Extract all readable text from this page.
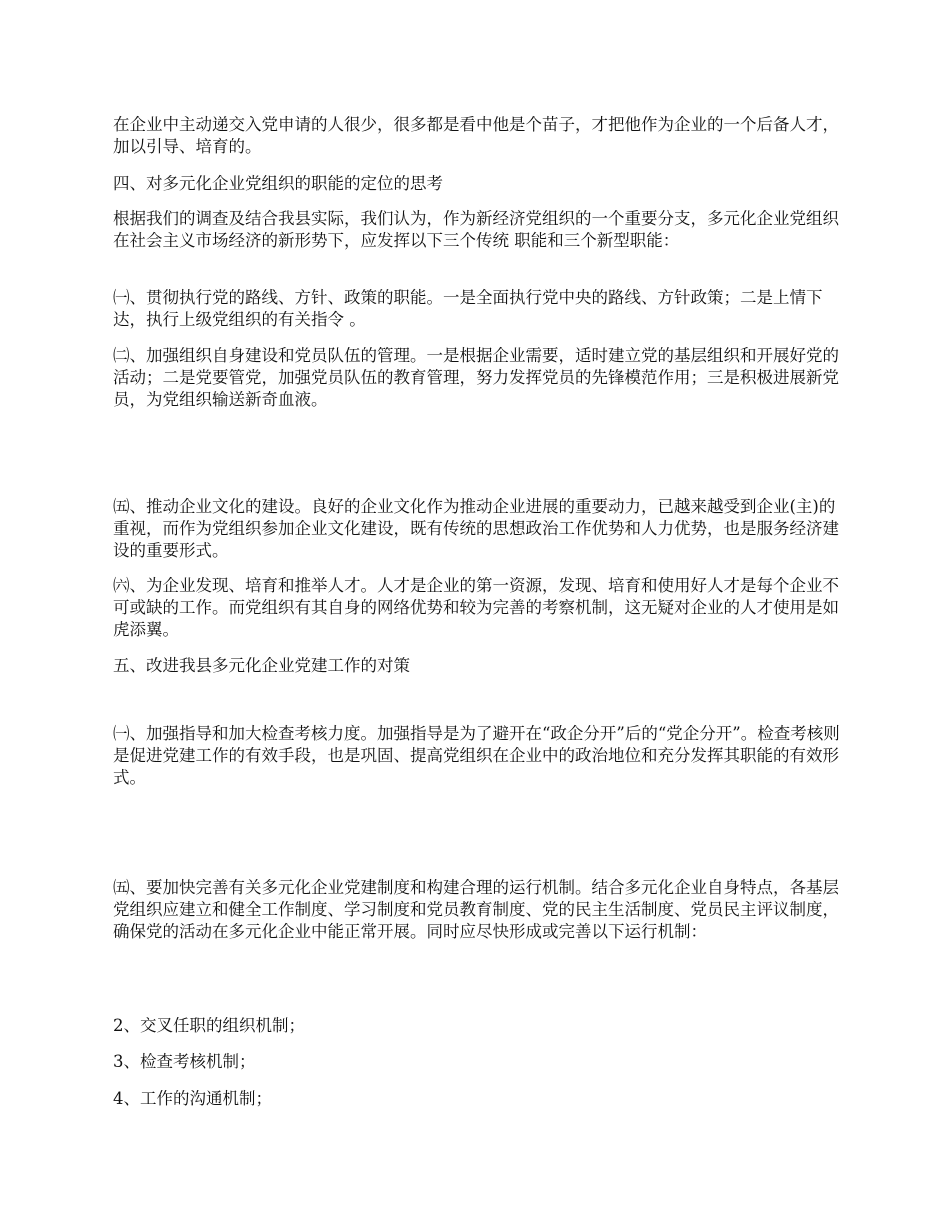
在企业中主动递交入党申请的人很少，很多都是看中他是个苗子，才把他作为企业的一个后备人才，加以引导、培育的。

四、对多元化企业党组织的职能的定位的思考

根据我们的调查及结合我县实际，我们认为，作为新经济党组织的一个重要分支，多元化企业党组织在社会主义市场经济的新形势下，应发挥以下三个传统 职能和三个新型职能：

㈠、贯彻执行党的路线、方针、政策的职能。一是全面执行党中央的路线、方针政策；二是上情下达，执行上级党组织的有关指令 。

㈡、加强组织自身建设和党员队伍的管理。一是根据企业需要，适时建立党的基层组织和开展好党的活动；二是党要管党，加强党员队伍的教育管理，努力发挥党员的先锋模范作用；三是积极进展新党员，为党组织输送新奇血液。

㈤、推动企业文化的建设。良好的企业文化作为推动企业进展的重要动力，已越来越受到企业(主)的重视，而作为党组织参加企业文化建设，既有传统的思想政治工作优势和人力优势，也是服务经济建设的重要形式。

㈥、为企业发现、培育和推举人才。人才是企业的第一资源，发现、培育和使用好人才是每个企业不可或缺的工作。而党组织有其自身的网络优势和较为完善的考察机制，这无疑对企业的人才使用是如虎添翼。

五、改进我县多元化企业党建工作的对策

㈠、加强指导和加大检查考核力度。加强指导是为了避开在“政企分开”后的“党企分开”。检查考核则是促进党建工作的有效手段，也是巩固、提高党组织在企业中的政治地位和充分发挥其职能的有效形式。

㈤、要加快完善有关多元化企业党建制度和构建合理的运行机制。结合多元化企业自身特点，各基层党组织应建立和健全工作制度、学习制度和党员教育制度、党的民主生活制度、党员民主评议制度，确保党的活动在多元化企业中能正常开展。同时应尽快形成或完善以下运行机制：

2、交叉任职的组织机制；

3、检查考核机制；

4、工作的沟通机制；
